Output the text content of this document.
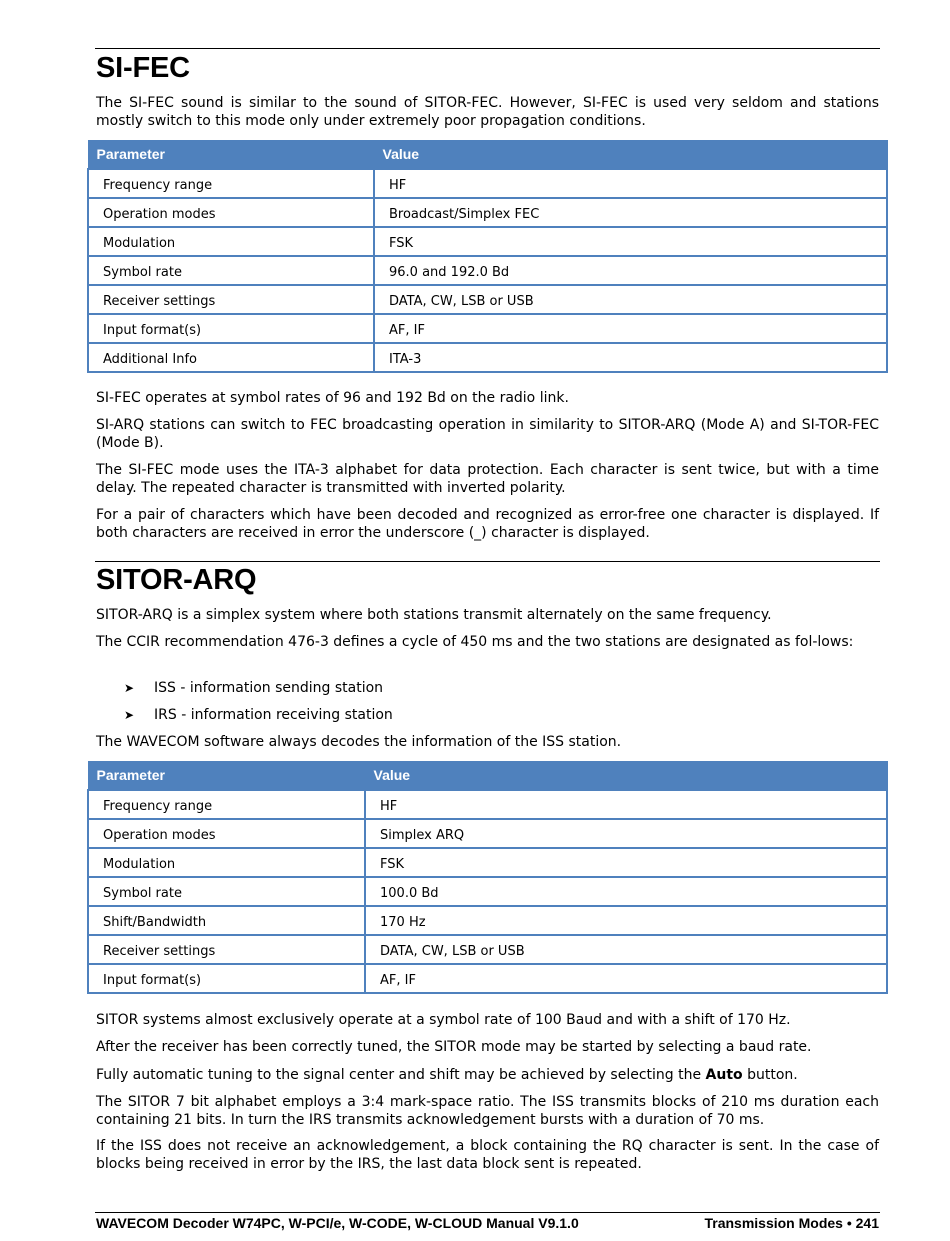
SI-FEC

The SI-FEC sound is similar to the sound of SITOR-FEC. However, SI-FEC is used very seldom and stations mostly switch to this mode only under extremely poor propagation conditions.

Parameter	Value
Frequency range	HF
Operation modes	Broadcast/Simplex FEC
Modulation	FSK
Symbol rate	96.0 and 192.0 Bd
Receiver settings	DATA, CW, LSB or USB
Input format(s)	AF, IF
Additional Info	ITA-3

SI-FEC operates at symbol rates of 96 and 192 Bd on the radio link.

SI-ARQ stations can switch to FEC broadcasting operation in similarity to SITOR-ARQ (Mode A) and SI-TOR-FEC (Mode B).

The SI-FEC mode uses the ITA-3 alphabet for data protection. Each character is sent twice, but with a time delay. The repeated character is transmitted with inverted polarity.

For a pair of characters which have been decoded and recognized as error-free one character is displayed. If both characters are received in error the underscore (_) character is displayed.

SITOR-ARQ

SITOR-ARQ is a simplex system where both stations transmit alternately on the same frequency.

The CCIR recommendation 476-3 defines a cycle of 450 ms and the two stations are designated as fol-lows:

➤ ISS - information sending station
➤ IRS - information receiving station

The WAVECOM software always decodes the information of the ISS station.

Parameter	Value
Frequency range	HF
Operation modes	Simplex ARQ
Modulation	FSK
Symbol rate	100.0 Bd
Shift/Bandwidth	170 Hz
Receiver settings	DATA, CW, LSB or USB
Input format(s)	AF, IF

SITOR systems almost exclusively operate at a symbol rate of 100 Baud and with a shift of 170 Hz.

After the receiver has been correctly tuned, the SITOR mode may be started by selecting a baud rate.

Fully automatic tuning to the signal center and shift may be achieved by selecting the Auto button.

The SITOR 7 bit alphabet employs a 3:4 mark-space ratio. The ISS transmits blocks of 210 ms duration each containing 21 bits. In turn the IRS transmits acknowledgement bursts with a duration of 70 ms.

If the ISS does not receive an acknowledgement, a block containing the RQ character is sent. In the case of blocks being received in error by the IRS, the last data block sent is repeated.

WAVECOM Decoder W74PC, W-PCI/e, W-CODE, W-CLOUD Manual V9.1.0	Transmission Modes • 241
